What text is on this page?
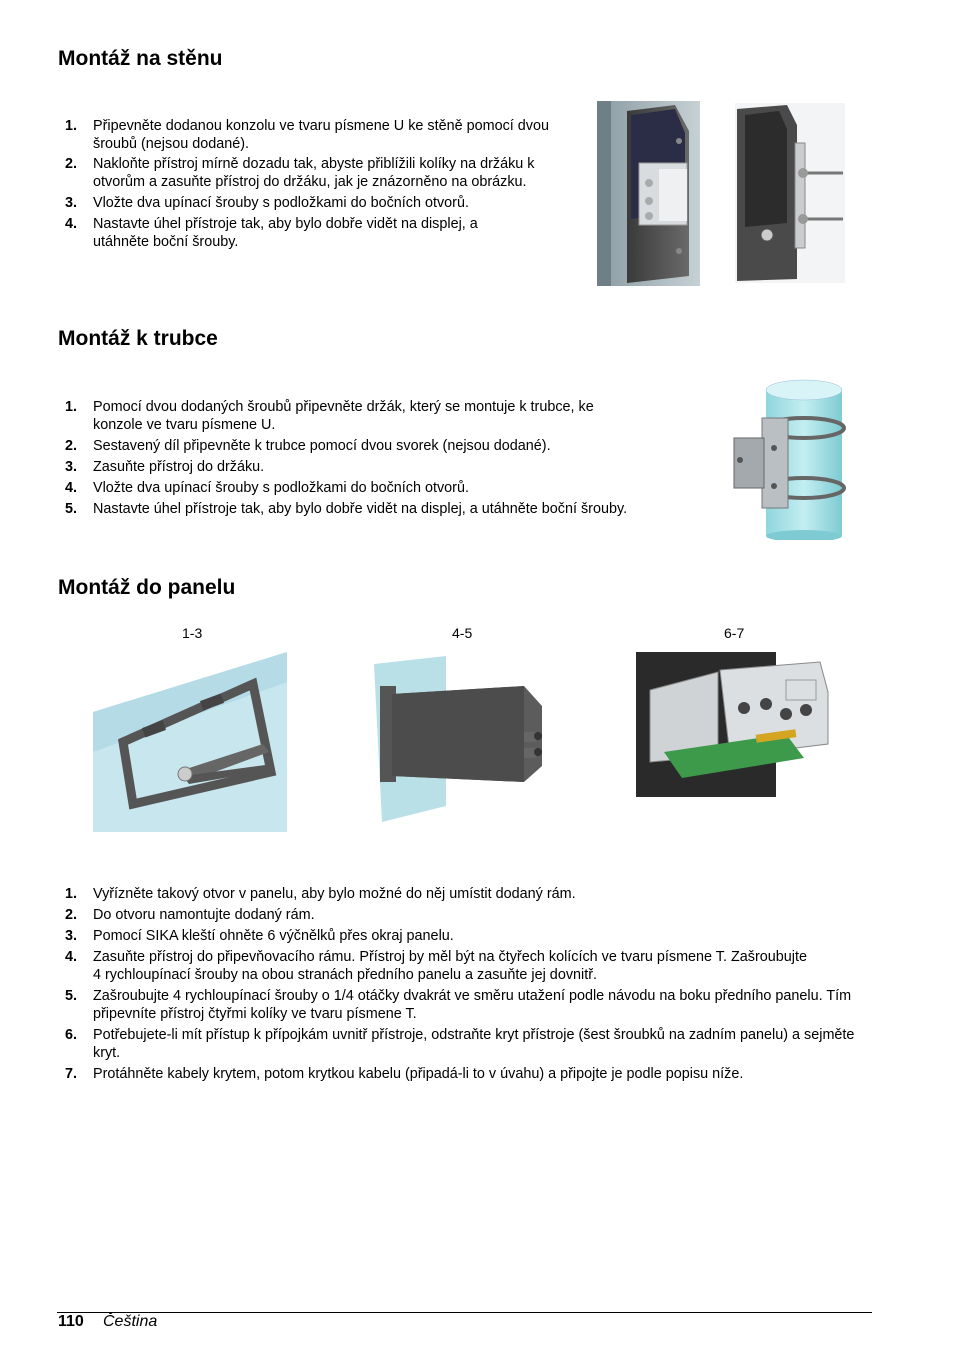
Montáž na stěnu
1. Připevněte dodanou konzolu ve tvaru písmene U ke stěně pomocí dvou šroubů (nejsou dodané).
2. Nakloňte přístroj mírně dozadu tak, abyste přiblížili kolíky na držáku k otvorům a zasuňte přístroj do držáku, jak je znázorněno na obrázku.
3. Vložte dva upínací šrouby s podložkami do bočních otvorů.
4. Nastavte úhel přístroje tak, aby bylo dobře vidět na displej, a utáhněte boční šrouby.
Montáž k trubce
1. Pomocí dvou dodaných šroubů připevněte držák, který se montuje k trubce, ke konzole ve tvaru písmene U.
2. Sestavený díl připevněte k trubce pomocí dvou svorek (nejsou dodané).
3. Zasuňte přístroj do držáku.
4. Vložte dva upínací šrouby s podložkami do bočních otvorů.
5. Nastavte úhel přístroje tak, aby bylo dobře vidět na displej, a utáhněte boční šrouby.
Montáž do panelu
1-3	4-5	6-7
1. Vyřízněte takový otvor v panelu, aby bylo možné do něj umístit dodaný rám.
2. Do otvoru namontujte dodaný rám.
3. Pomocí SIKA kleští ohněte 6 výčnělků přes okraj panelu.
4. Zasuňte přístroj do připevňovacího rámu. Přístroj by měl být na čtyřech kolících ve tvaru písmene T. Zašroubujte 4 rychloupínací šrouby na obou stranách předního panelu a zasuňte jej dovnitř.
5. Zašroubujte 4 rychloupínací šrouby o 1/4 otáčky dvakrát ve směru utažení podle návodu na boku předního panelu. Tím připevníte přístroj čtyřmi kolíky ve tvaru písmene T.
6. Potřebujete-li mít přístup k přípojkám uvnitř přístroje, odstraňte kryt přístroje (šest šroubků na zadním panelu) a sejměte kryt.
7. Protáhněte kabely krytem, potom krytkou kabelu (připadá-li to v úvahu) a připojte je podle popisu níže.
110 Čeština
